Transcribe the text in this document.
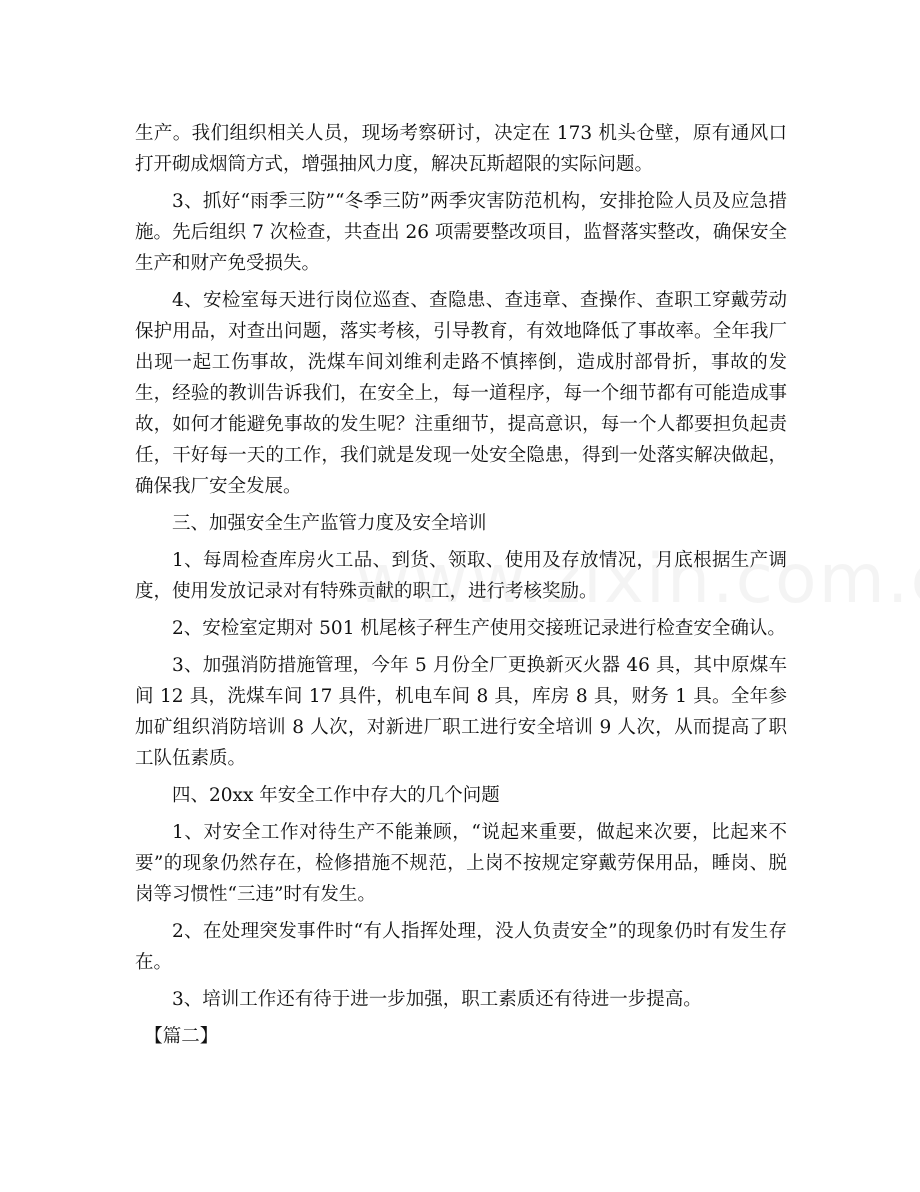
生产。我们组织相关人员，现场考察研讨，决定在 173 机头仓壁，原有通风口打开砌成烟筒方式，增强抽风力度，解决瓦斯超限的实际问题。

3、抓好“雨季三防”“冬季三防”两季灾害防范机构，安排抢险人员及应急措施。先后组织 7 次检查，共查出 26 项需要整改项目，监督落实整改，确保安全生产和财产免受损失。

4、安检室每天进行岗位巡查、查隐患、查违章、查操作、查职工穿戴劳动保护用品，对查出问题，落实考核，引导教育，有效地降低了事故率。全年我厂出现一起工伤事故，洗煤车间刘维利走路不慎摔倒，造成肘部骨折，事故的发生，经验的教训告诉我们，在安全上，每一道程序，每一个细节都有可能造成事故，如何才能避免事故的发生呢？注重细节，提高意识，每一个人都要担负起责任，干好每一天的工作，我们就是发现一处安全隐患，得到一处落实解决做起，确保我厂安全发展。

三、加强安全生产监管力度及安全培训

1、每周检查库房火工品、到货、领取、使用及存放情况，月底根据生产调度，使用发放记录对有特殊贡献的职工，进行考核奖励。

2、安检室定期对 501 机尾核子秤生产使用交接班记录进行检查安全确认。

3、加强消防措施管理，今年 5 月份全厂更换新灭火器 46 具，其中原煤车间 12 具，洗煤车间 17 具件，机电车间 8 具，库房 8 具，财务 1 具。全年参加矿组织消防培训 8 人次，对新进厂职工进行安全培训 9 人次，从而提高了职工队伍素质。

四、20xx 年安全工作中存大的几个问题

1、对安全工作对待生产不能兼顾，“说起来重要，做起来次要，比起来不要”的现象仍然存在，检修措施不规范，上岗不按规定穿戴劳保用品，睡岗、脱岗等习惯性“三违”时有发生。

2、在处理突发事件时“有人指挥处理，没人负责安全”的现象仍时有发生存在。

3、培训工作还有待于进一步加强，职工素质还有待进一步提高。

【篇二】
